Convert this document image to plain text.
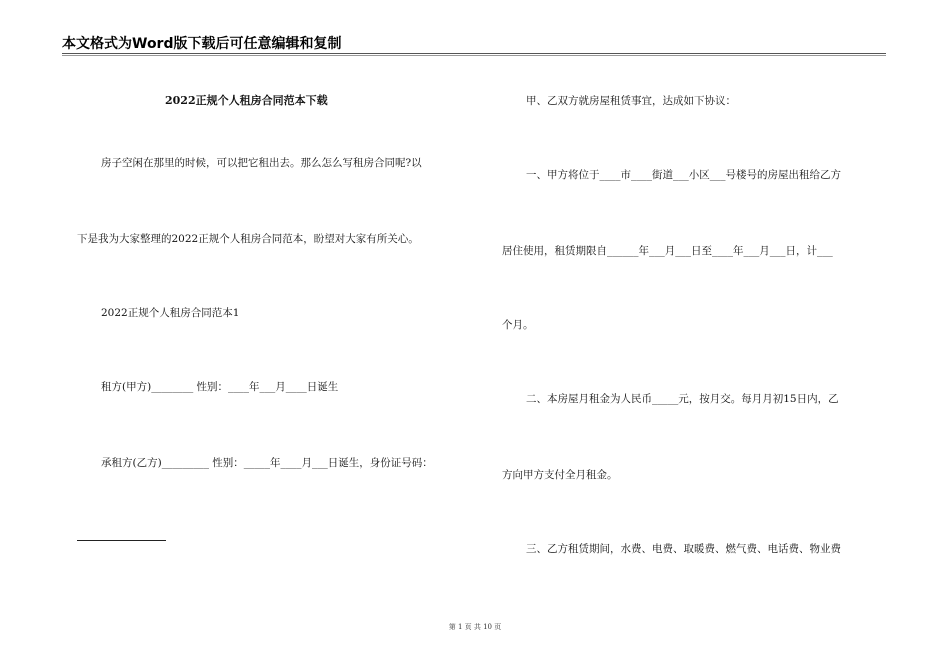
本文格式为Word版下载后可任意编辑和复制
2022正规个人租房合同范本下载
房子空闲在那里的时候，可以把它租出去。那么怎么写租房合同呢?以
下是我为大家整理的2022正规个人租房合同范本，盼望对大家有所关心。
2022正规个人租房合同范本1
租方(甲方)________ 性别：____年___月____日诞生
承租方(乙方)_________ 性别：_____年____月___日诞生，身份证号码：
甲、乙双方就房屋租赁事宜，达成如下协议：
一、甲方将位于____市____街道___小区___号楼号的房屋出租给乙方
居住使用，租赁期限自______年___月___日至____年___月___日，计___
个月。
二、本房屋月租金为人民币_____元，按月交。每月月初15日内，乙
方向甲方支付全月租金。
三、乙方租赁期间，水费、电费、取暖费、燃气费、电话费、物业费
第 1 页 共 10 页
